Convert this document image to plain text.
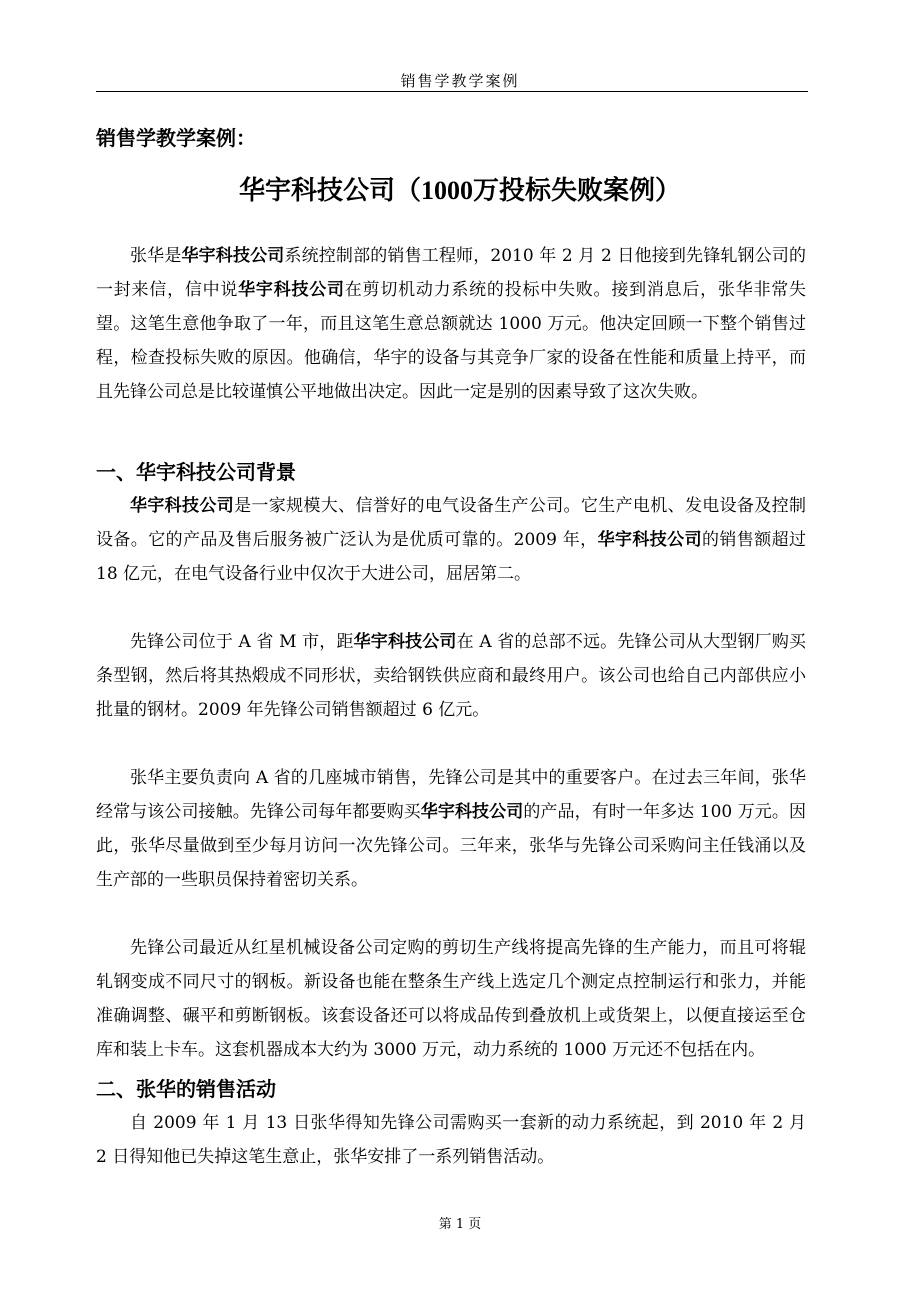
销售学教学案例
销售学教学案例：
华宇科技公司（1000万投标失败案例）

张华是华宇科技公司系统控制部的销售工程师，2010 年 2 月 2 日他接到先锋轧钢公司的一封来信，信中说华宇科技公司在剪切机动力系统的投标中失败。接到消息后，张华非常失望。这笔生意他争取了一年，而且这笔生意总额就达 1000 万元。他决定回顾一下整个销售过程，检查投标失败的原因。他确信，华宇的设备与其竞争厂家的设备在性能和质量上持平，而且先锋公司总是比较谨慎公平地做出决定。因此一定是别的因素导致了这次失败。

一、华宇科技公司背景

华宇科技公司是一家规模大、信誉好的电气设备生产公司。它生产电机、发电设备及控制设备。它的产品及售后服务被广泛认为是优质可靠的。2009 年，华宇科技公司的销售额超过 18 亿元，在电气设备行业中仅次于大进公司，屈居第二。

先锋公司位于 A 省 M 市，距华宇科技公司在 A 省的总部不远。先锋公司从大型钢厂购买条型钢，然后将其热煅成不同形状，卖给钢铁供应商和最终用户。该公司也给自己内部供应小批量的钢材。2009 年先锋公司销售额超过 6 亿元。

张华主要负责向 A 省的几座城市销售，先锋公司是其中的重要客户。在过去三年间，张华经常与该公司接触。先锋公司每年都要购买华宇科技公司的产品，有时一年多达 100 万元。因此，张华尽量做到至少每月访问一次先锋公司。三年来，张华与先锋公司采购问主任钱涌以及生产部的一些职员保持着密切关系。

先锋公司最近从红星机械设备公司定购的剪切生产线将提高先锋的生产能力，而且可将辊轧钢变成不同尺寸的钢板。新设备也能在整条生产线上选定几个测定点控制运行和张力，并能准确调整、碾平和剪断钢板。该套设备还可以将成品传到叠放机上或货架上，以便直接运至仓库和装上卡车。这套机器成本大约为 3000 万元，动力系统的 1000 万元还不包括在内。

二、张华的销售活动

自 2009 年 1 月 13 日张华得知先锋公司需购买一套新的动力系统起，到 2010 年 2 月 2 日得知他已失掉这笔生意止，张华安排了一系列销售活动。

第 1 页
